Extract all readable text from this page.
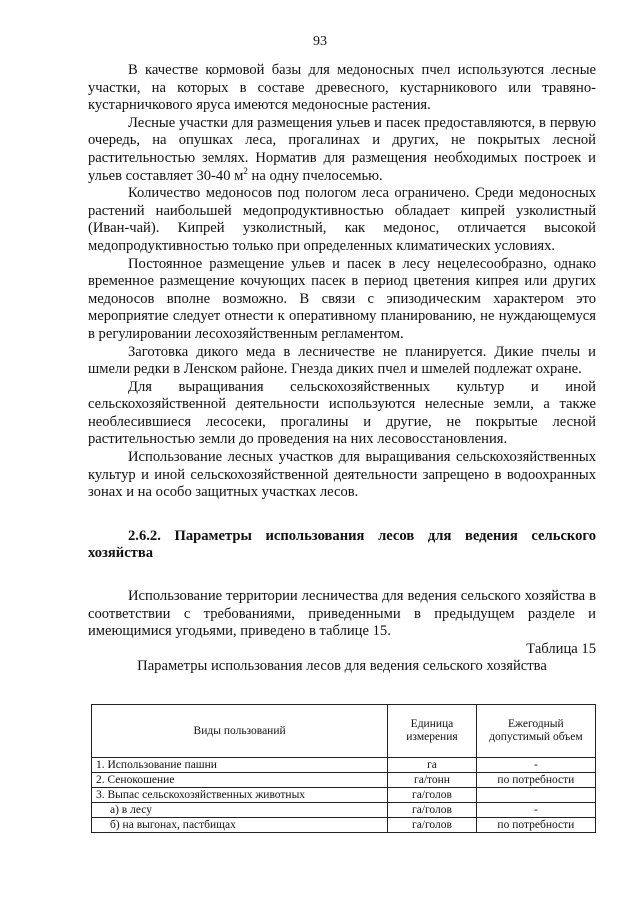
93

В качестве кормовой базы для медоносных пчел используются лесные участки, на которых в составе древесного, кустарникового или травяно-кустарничкового яруса имеются медоносные растения.

Лесные участки для размещения ульев и пасек предоставляются, в первую очередь, на опушках леса, прогалинах и других, не покрытых лесной растительностью землях. Норматив для размещения необходимых построек и ульев составляет 30-40 $м^2$ на одну пчелосемью.

Количество медоносов под пологом леса ограничено. Среди медоносных растений наибольшей медопродуктивностью обладает кипрей узколистный (Иван-чай). Кипрей узколистный, как медонос, отличается высокой медопродуктивностью только при определенных климатических условиях.

Постоянное размещение ульев и пасек в лесу нецелесообразно, однако временное размещение кочующих пасек в период цветения кипрея или других медоносов вполне возможно. В связи с эпизодическим характером это мероприятие следует отнести к оперативному планированию, не нуждающемуся в регулировании лесохозяйственным регламентом.

Заготовка дикого меда в лесничестве не планируется. Дикие пчелы и шмели редки в Ленском районе. Гнезда диких пчел и шмелей подлежат охране.

Для выращивания сельскохозяйственных культур и иной сельскохозяйственной деятельности используются нелесные земли, а также необлесившиеся лесосеки, прогалины и другие, не покрытые лесной растительностью земли до проведения на них лесовосстановления.

Использование лесных участков для выращивания сельскохозяйственных культур и иной сельскохозяйственной деятельности запрещено в водоохранных зонах и на особо защитных участках лесов.

2.6.2. Параметры использования лесов для ведения сельского хозяйства

Использование территории лесничества для ведения сельского хозяйства в соответствии с требованиями, приведенными в предыдущем разделе и имеющимися угодьями, приведено в таблице 15.

Таблица 15

Параметры использования лесов для ведения сельского хозяйства

Виды пользований	Единица измерения	Ежегодный допустимый объем
1. Использование пашни	га	-
2. Сенокошение	га/тонн	по потребности
3. Выпас сельскохозяйственных животных	га/голов	
а) в лесу	га/голов	-
б) на выгонах, пастбищах	га/голов	по потребности
